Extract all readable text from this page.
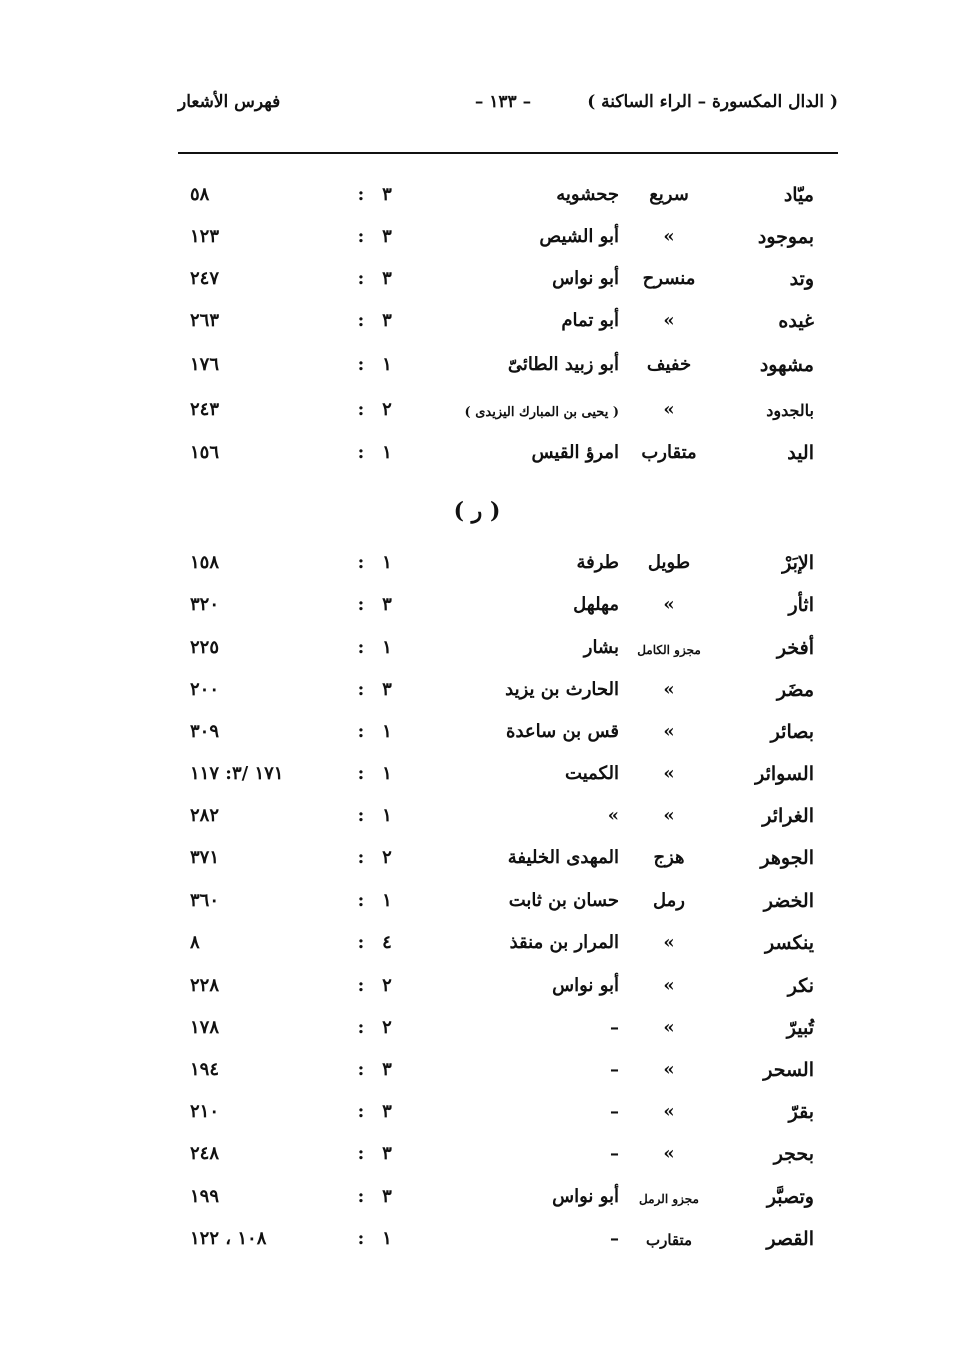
( الدال المكسورة – الراء الساكنة )
– ١٣٣ –
فهرس الأشعار
ميّاد
سريع
جحشويه
٣
:
٥٨
بموجود
»
أبو الشيص
٣
:
١٢٣
وتد
منسرح
أبو نواس
٣
:
٢٤٧
غيده
»
أبو تمام
٣
:
٢٦٣
مشهود
خفيف
أبو زبيد الطائىّ
١
:
١٧٦
بالجدود
»
( يحيى بن المبارك اليزيدى )
٢
:
٢٤٣
اليد
متقارب
امرؤ القيس
١
:
١٥٦
( ر )
الإبَرْ
طويل
طرفة
١
:
١٥٨
اثأر
»
مهلهل
٣
:
٣٢٠
أفخر
مجزو الكامل
بشار
١
:
٢٢٥
مضَر
»
الحارث بن يزيد
٣
:
٢٠٠
بصائر
»
قس بن ساعدة
١
:
٣٠٩
السوائر
»
الكميت
١
:
١٧١ /٣: ١١٧
الغرائر
»
»
١
:
٢٨٢
الجوهر
هزج
المهدى الخليفة
٢
:
٣٧١
الخضر
رمل
حسان بن ثابت
١
:
٣٦٠
ينكسر
»
المرار بن منقذ
٤
:
٨
نكر
»
أبو نواس
٢
:
٢٢٨
تُبيرّ
»
–
٢
:
١٧٨
السحر
»
–
٣
:
١٩٤
بقرّ
»
–
٣
:
٢١٠
بحجر
»
–
٣
:
٢٤٨
وتصبَّر
مجزو الرمل
أبو نواس
٣
:
١٩٩
القصر
متقارب
–
١
:
١٠٨ ، ١٢٢
